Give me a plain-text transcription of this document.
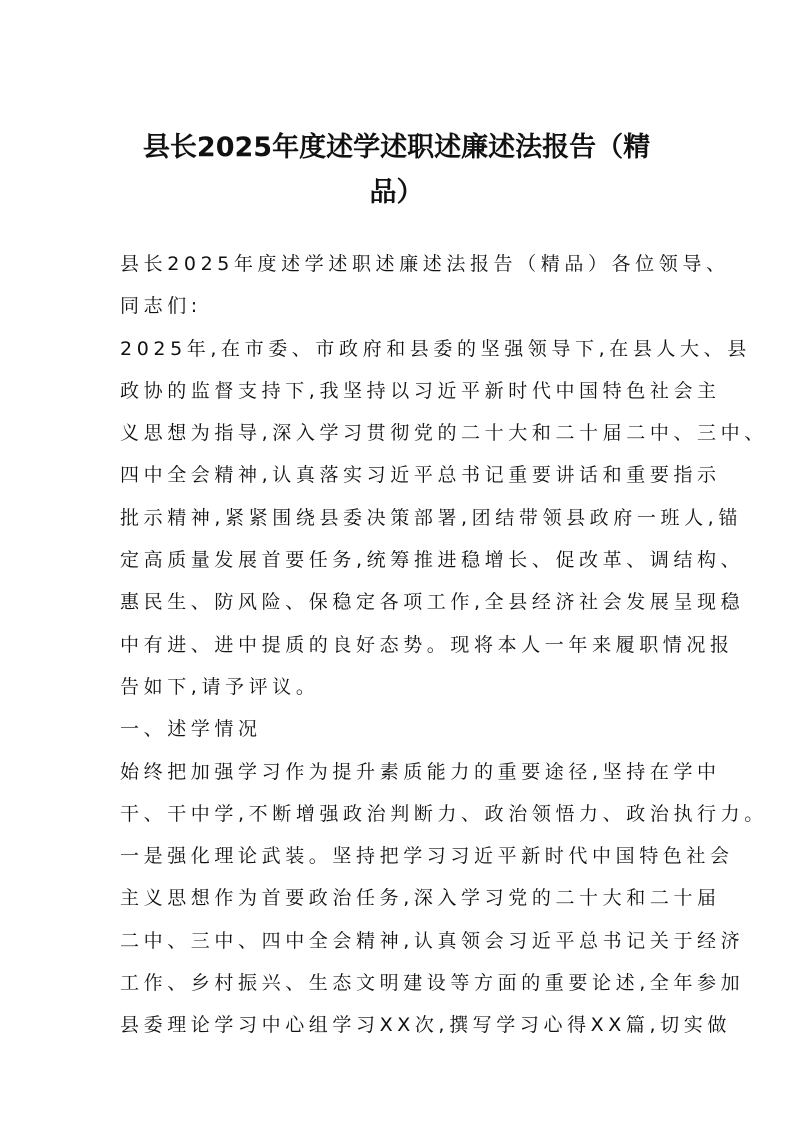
县长2025年度述学述职述廉述法报告（精
品）
县长2025年度述学述职述廉述法报告（精品）各位领导、
同志们:
2025年,在市委、市政府和县委的坚强领导下,在县人大、县
政协的监督支持下,我坚持以习近平新时代中国特色社会主
义思想为指导,深入学习贯彻党的二十大和二十届二中、三中、
四中全会精神,认真落实习近平总书记重要讲话和重要指示
批示精神,紧紧围绕县委决策部署,团结带领县政府一班人,锚
定高质量发展首要任务,统筹推进稳增长、促改革、调结构、
惠民生、防风险、保稳定各项工作,全县经济社会发展呈现稳
中有进、进中提质的良好态势。现将本人一年来履职情况报
告如下,请予评议。
一、述学情况
始终把加强学习作为提升素质能力的重要途径,坚持在学中
干、干中学,不断增强政治判断力、政治领悟力、政治执行力。
一是强化理论武装。坚持把学习习近平新时代中国特色社会
主义思想作为首要政治任务,深入学习党的二十大和二十届
二中、三中、四中全会精神,认真领会习近平总书记关于经济
工作、乡村振兴、生态文明建设等方面的重要论述,全年参加
县委理论学习中心组学习XX次,撰写学习心得XX篇,切实做
